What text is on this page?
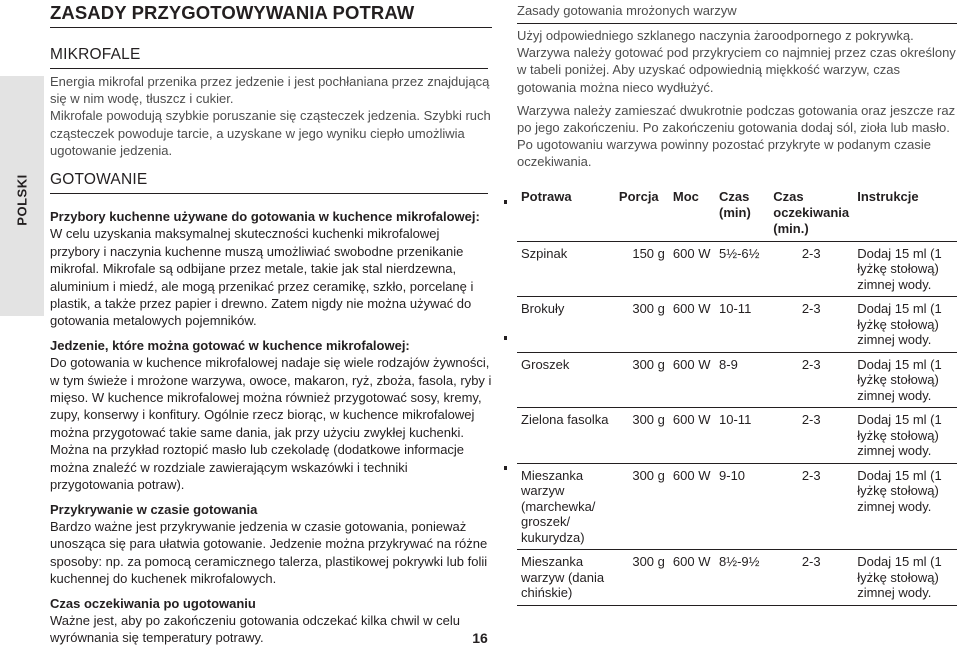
POLSKI
ZASADY PRZYGOTOWYWANIA POTRAW
MIKROFALE

Energia mikrofal przenika przez jedzenie i jest pochłaniana przez znajdującą się w nim wodę, tłuszcz i cukier.

Mikrofale powodują szybkie poruszanie się cząsteczek jedzenia. Szybki ruch cząsteczek powoduje tarcie, a uzyskane w jego wyniku ciepło umożliwia ugotowanie jedzenia.

GOTOWANIE

Przybory kuchenne używane do gotowania w kuchence mikrofalowej:

W celu uzyskania maksymalnej skuteczności kuchenki mikrofalowej przybory i naczynia kuchenne muszą umożliwiać swobodne przenikanie mikrofal. Mikrofale są odbijane przez metale, takie jak stal nierdzewna, aluminium i miedź, ale mogą przenikać przez ceramikę, szkło, porcelanę i plastik, a także przez papier i drewno. Zatem nigdy nie można używać do gotowania metalowych pojemników.

Jedzenie, które można gotować w kuchence mikrofalowej:

Do gotowania w kuchence mikrofalowej nadaje się wiele rodzajów żywności, w tym świeże i mrożone warzywa, owoce, makaron, ryż, zboża, fasola, ryby i mięso. W kuchence mikrofalowej można również przygotować sosy, kremy, zupy, konserwy i konfitury. Ogólnie rzecz biorąc, w kuchence mikrofalowej można przygotować takie same dania, jak przy użyciu zwykłej kuchenki. Można na przykład roztopić masło lub czekoladę (dodatkowe informacje można znaleźć w rozdziale zawierającym wskazówki i techniki przygotowania potraw).

Przykrywanie w czasie gotowania

Bardzo ważne jest przykrywanie jedzenia w czasie gotowania, ponieważ unosząca się para ułatwia gotowanie. Jedzenie można przykrywać na różne sposoby: np. za pomocą ceramicznego talerza, plastikowej pokrywki lub folii kuchennej do kuchenek mikrofalowych.

Czas oczekiwania po ugotowaniu

Ważne jest, aby po zakończeniu gotowania odczekać kilka chwil w celu wyrównania się temperatury potrawy.

Zasady gotowania mrożonych warzyw

Użyj odpowiedniego szklanego naczynia żaroodpornego z pokrywką. Warzywa należy gotować pod przykryciem co najmniej przez czas określony w tabeli poniżej. Aby uzyskać odpowiednią miękkość warzyw, czas gotowania można nieco wydłużyć.

Warzywa należy zamieszać dwukrotnie podczas gotowania oraz jeszcze raz po jego zakończeniu. Po zakończeniu gotowania dodaj sól, zioła lub masło. Po ugotowaniu warzywa powinny pozostać przykryte w podanym czasie oczekiwania.

Potrawa	Porcja	Moc	Czas (min)	Czas oczekiwania (min.)	Instrukcje
Szpinak	150 g	600 W	5½-6½	2-3	Dodaj 15 ml (1 łyżkę stołową) zimnej wody.
Brokuły	300 g	600 W	10-11	2-3	Dodaj 15 ml (1 łyżkę stołową) zimnej wody.
Groszek	300 g	600 W	8-9	2-3	Dodaj 15 ml (1 łyżkę stołową) zimnej wody.
Zielona fasolka	300 g	600 W	10-11	2-3	Dodaj 15 ml (1 łyżkę stołową) zimnej wody.
Mieszanka warzyw (marchewka/ groszek/ kukurydza)	300 g	600 W	9-10	2-3	Dodaj 15 ml (1 łyżkę stołową) zimnej wody.
Mieszanka warzyw (dania chińskie)	300 g	600 W	8½-9½	2-3	Dodaj 15 ml (1 łyżkę stołową) zimnej wody.
16
